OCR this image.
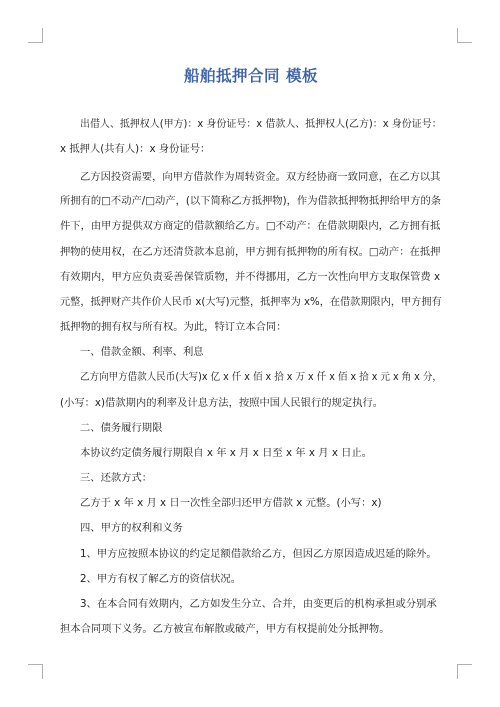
船舶抵押合同 模板
出借人、抵押权人(甲方)：x 身份证号：x 借款人、抵押权人(乙方)：x 身份证号：
x 抵押人(共有人)：x 身份证号：
乙方因投资需要，向甲方借款作为周转资金。双方经协商一致同意，在乙方以其
所拥有的□不动产/□动产，(以下简称乙方抵押物)，作为借款抵押物抵押给甲方的条
件下，由甲方提供双方商定的借款额给乙方。□不动产：在借款期限内，乙方拥有抵
押物的使用权，在乙方还清贷款本息前，甲方拥有抵押物的所有权。□动产：在抵押
有效期内，甲方应负责妥善保管质物，并不得挪用，乙方一次性向甲方支取保管费 x
元整，抵押财产共作价人民币 x(大写)元整，抵押率为 x%，在借款期限内，甲方拥有
抵押物的拥有权与所有权。为此，特订立本合同：
一、借款金额、利率、利息
乙方向甲方借款人民币(大写)x 亿 x 仟 x 佰 x 拾 x 万 x 仟 x 佰 x 拾 x 元 x 角 x 分，
(小写：x)借款期内的利率及计息方法，按照中国人民银行的规定执行。
二、债务履行期限
本协议约定债务履行期限自 x 年 x 月 x 日至 x 年 x 月 x 日止。
三、还款方式：
乙方于 x 年 x 月 x 日一次性全部归还甲方借款 x 元整。(小写：x)
四、甲方的权利和义务
1、甲方应按照本协议的约定足额借款给乙方，但因乙方原因造成迟延的除外。
2、甲方有权了解乙方的资信状况。
3、在本合同有效期内，乙方如发生分立、合并，由变更后的机构承担或分别承
担本合同项下义务。乙方被宣布解散或破产，甲方有权提前处分抵押物。
